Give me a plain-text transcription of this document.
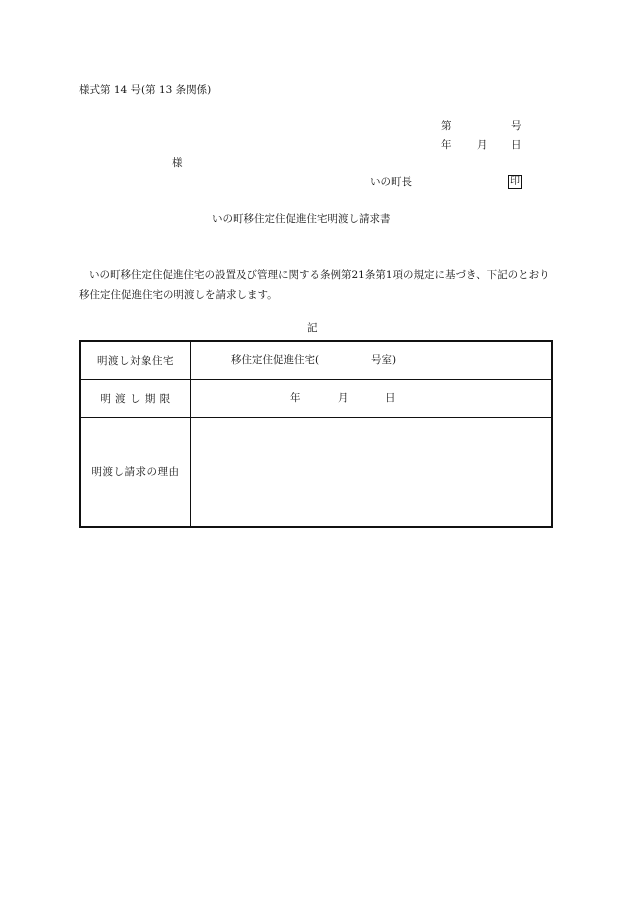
様式第 14 号(第 13 条関係)
第	号
年 月 日
様
いの町長	印
いの町移住定住促進住宅明渡し請求書
いの町移住定住促進住宅の設置及び管理に関する条例第21条第1項の規定に基づき、下記のとおり移住定住促進住宅の明渡しを請求します。
記
明渡し対象住宅	移住定住促進住宅( 号室)

明 渡 し 期 限	年 月 日

明渡し請求の理由	
